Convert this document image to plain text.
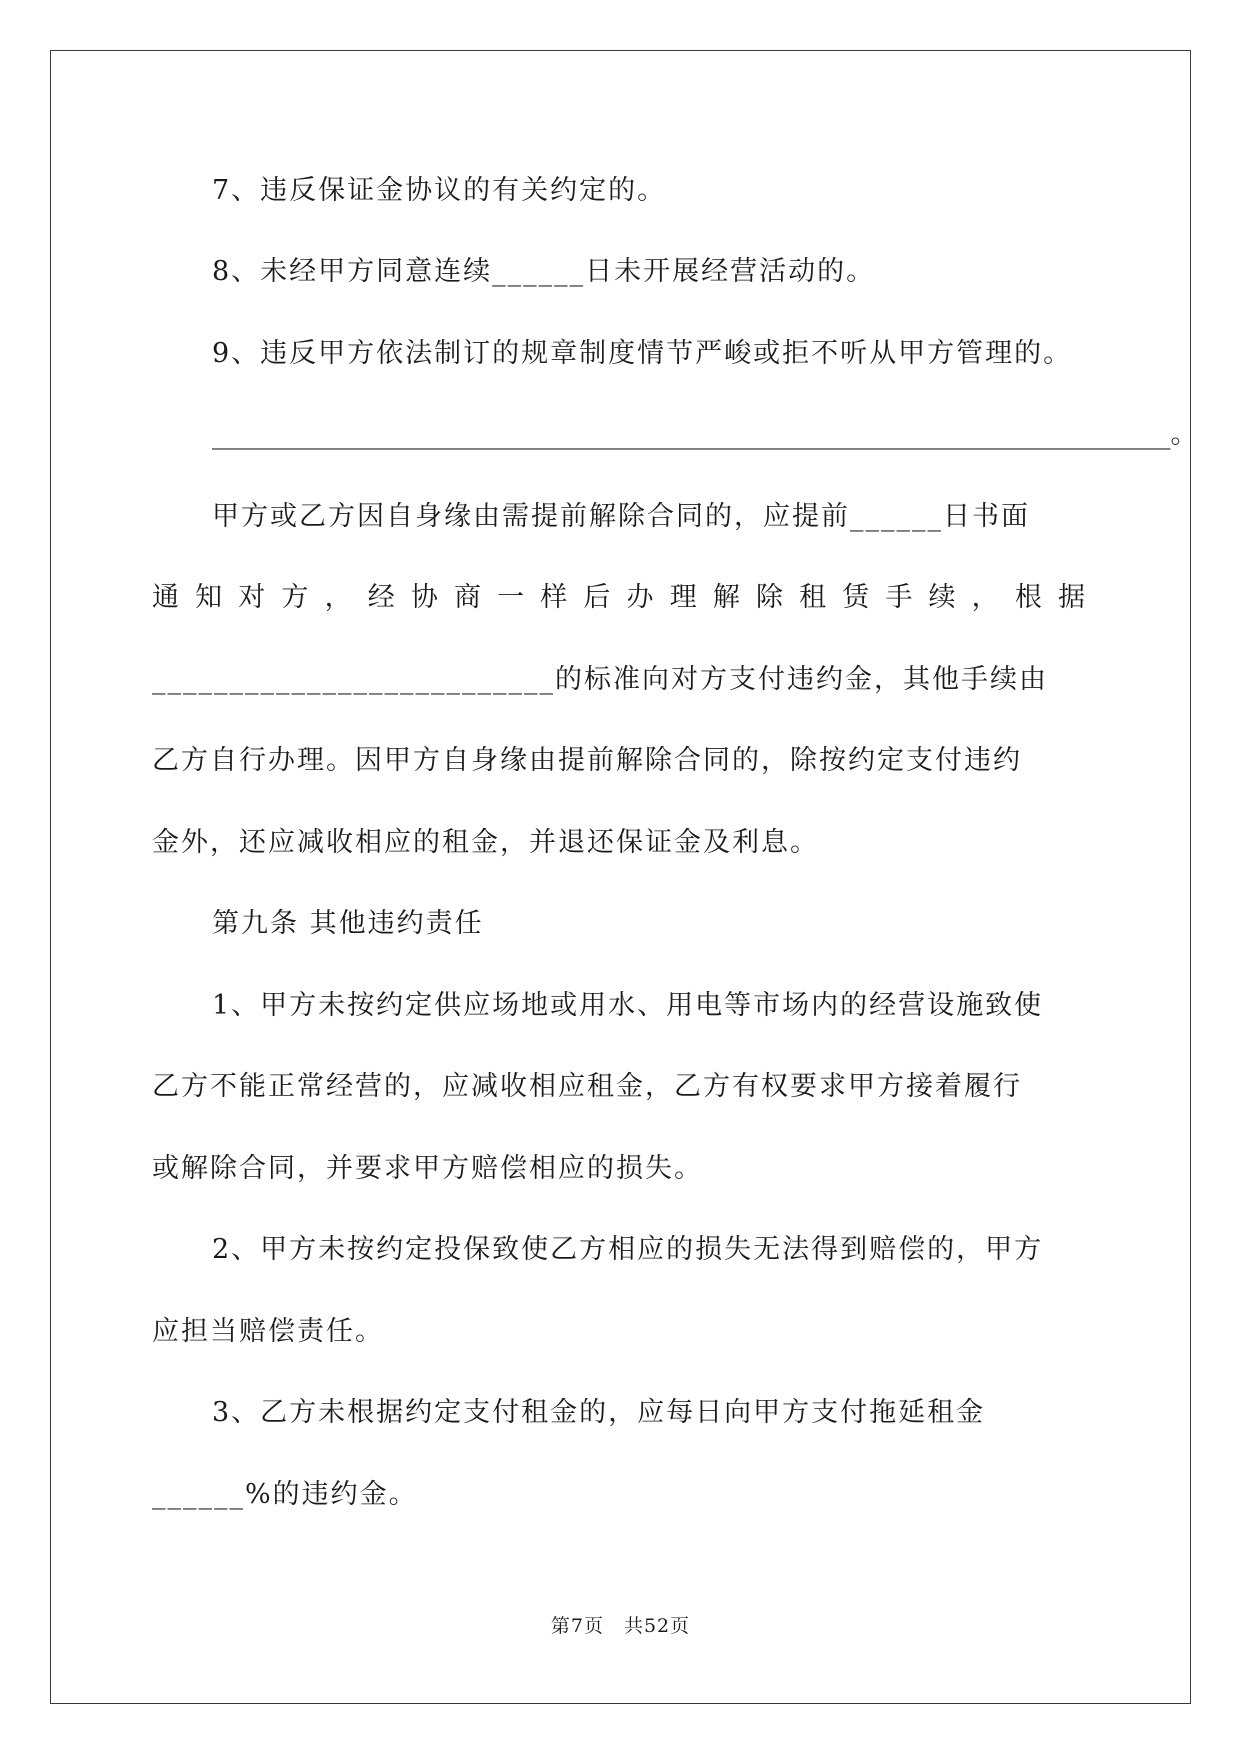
7、违反保证金协议的有关约定的。
8、未经甲方同意连续______日未开展经营活动的。
9、违反甲方依法制订的规章制度情节严峻或拒不听从甲方管理的。
_______________________________________________________________________。
甲方或乙方因自身缘由需提前解除合同的，应提前______日书面
通 知 对 方 ， 经 协 商 一 样 后 办 理 解 除 租 赁 手 续 ， 根 据
__________________________的标准向对方支付违约金，其他手续由
乙方自行办理。因甲方自身缘由提前解除合同的，除按约定支付违约
金外，还应减收相应的租金，并退还保证金及利息。
第九条 其他违约责任
1、甲方未按约定供应场地或用水、用电等市场内的经营设施致使
乙方不能正常经营的，应减收相应租金，乙方有权要求甲方接着履行
或解除合同，并要求甲方赔偿相应的损失。
2、甲方未按约定投保致使乙方相应的损失无法得到赔偿的，甲方
应担当赔偿责任。
3、乙方未根据约定支付租金的，应每日向甲方支付拖延租金
______%的违约金。
第7页　共52页
